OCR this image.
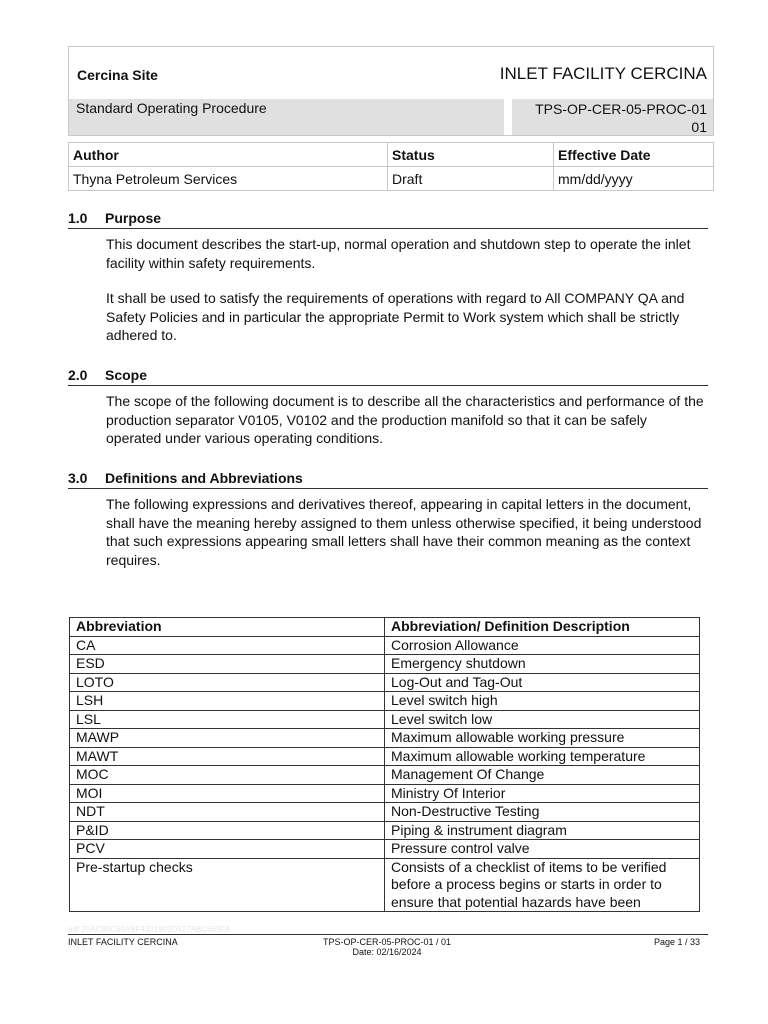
Cercina Site	INLET FACILITY CERCINA
Standard Operating Procedure	TPS-OP-CER-05-PROC-01
01
Author	Status	Effective Date
Thyna Petroleum Services	Draft	mm/dd/yyyy
1.0 Purpose

This document describes the start-up, normal operation and shutdown step to operate the inlet facility within safety requirements.

It shall be used to satisfy the requirements of operations with regard to All COMPANY QA and Safety Policies and in particular the appropriate Permit to Work system which shall be strictly adhered to.

2.0 Scope

The scope of the following document is to describe all the characteristics and performance of the production separator V0105, V0102 and the production manifold so that it can be safely operated under various operating conditions.

3.0 Definitions and Abbreviations

The following expressions and derivatives thereof, appearing in capital letters in the document, shall have the meaning hereby assigned to them unless otherwise specified, it being understood that such expressions appearing small letters shall have their common meaning as the context requires.

Abbreviation	Abbreviation/ Definition Description
CA	Corrosion Allowance
ESD	Emergency shutdown
LOTO	Log-Out and Tag-Out
LSH	Level switch high
LSL	Level switch low
MAWP	Maximum allowable working pressure
MAWT	Maximum allowable working temperature
MOC	Management Of Change
MOI	Ministry Of Interior
NDT	Non-Destructive Testing
P&ID	Piping & instrument diagram
PCV	Pressure control valve
Pre-startup checks	Consists of a checklist of items to be verified before a process begins or starts in order to ensure that potential hazards have been
pdf 25AC85C60ABF4321902D527ABC669FA
INLET FACILITY CERCINA	TPS-OP-CER-05-PROC-01 / 01
Date: 02/16/2024
Page 1 / 33
